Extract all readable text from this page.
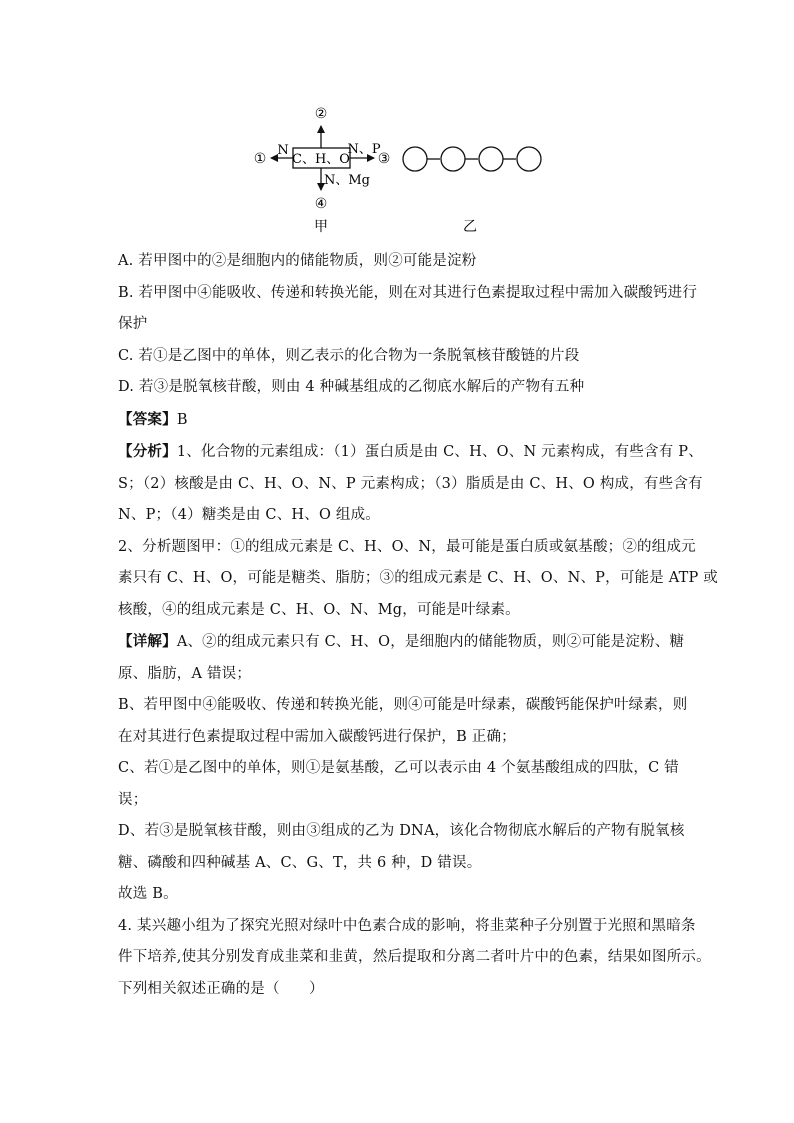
C、H、O
②
N
①
N、P
③
N、Mg
④
甲	乙
A. 若甲图中的②是细胞内的储能物质，则②可能是淀粉
B. 若甲图中④能吸收、传递和转换光能，则在对其进行色素提取过程中需加入碳酸钙进行
保护
C. 若①是乙图中的单体，则乙表示的化合物为一条脱氧核苷酸链的片段
D. 若③是脱氧核苷酸，则由 4 种碱基组成的乙彻底水解后的产物有五种
【答案】B
【分析】1、化合物的元素组成：（1）蛋白质是由 C、H、O、N 元素构成，有些含有 P、
S；（2）核酸是由 C、H、O、N、P 元素构成；（3）脂质是由 C、H、O 构成，有些含有
N、P；（4）糖类是由 C、H、O 组成。
2、分析题图甲：①的组成元素是 C、H、O、N，最可能是蛋白质或氨基酸；②的组成元
素只有 C、H、O，可能是糖类、脂肪；③的组成元素是 C、H、O、N、P，可能是 ATP 或
核酸，④的组成元素是 C、H、O、N、Mg，可能是叶绿素。
【详解】A、②的组成元素只有 C、H、O，是细胞内的储能物质，则②可能是淀粉、糖
原、脂肪，A 错误；
B、若甲图中④能吸收、传递和转换光能，则④可能是叶绿素，碳酸钙能保护叶绿素，则
在对其进行色素提取过程中需加入碳酸钙进行保护，B 正确；
C、若①是乙图中的单体，则①是氨基酸，乙可以表示由 4 个氨基酸组成的四肽，C 错
误；
D、若③是脱氧核苷酸，则由③组成的乙为 DNA，该化合物彻底水解后的产物有脱氧核
糖、磷酸和四种碱基 A、C、G、T，共 6 种，D 错误。
故选 B。
4. 某兴趣小组为了探究光照对绿叶中色素合成的影响，将韭菜种子分别置于光照和黑暗条
件下培养,使其分别发育成韭菜和韭黄，然后提取和分离二者叶片中的色素，结果如图所示。
下列相关叙述正确的是（　　）
